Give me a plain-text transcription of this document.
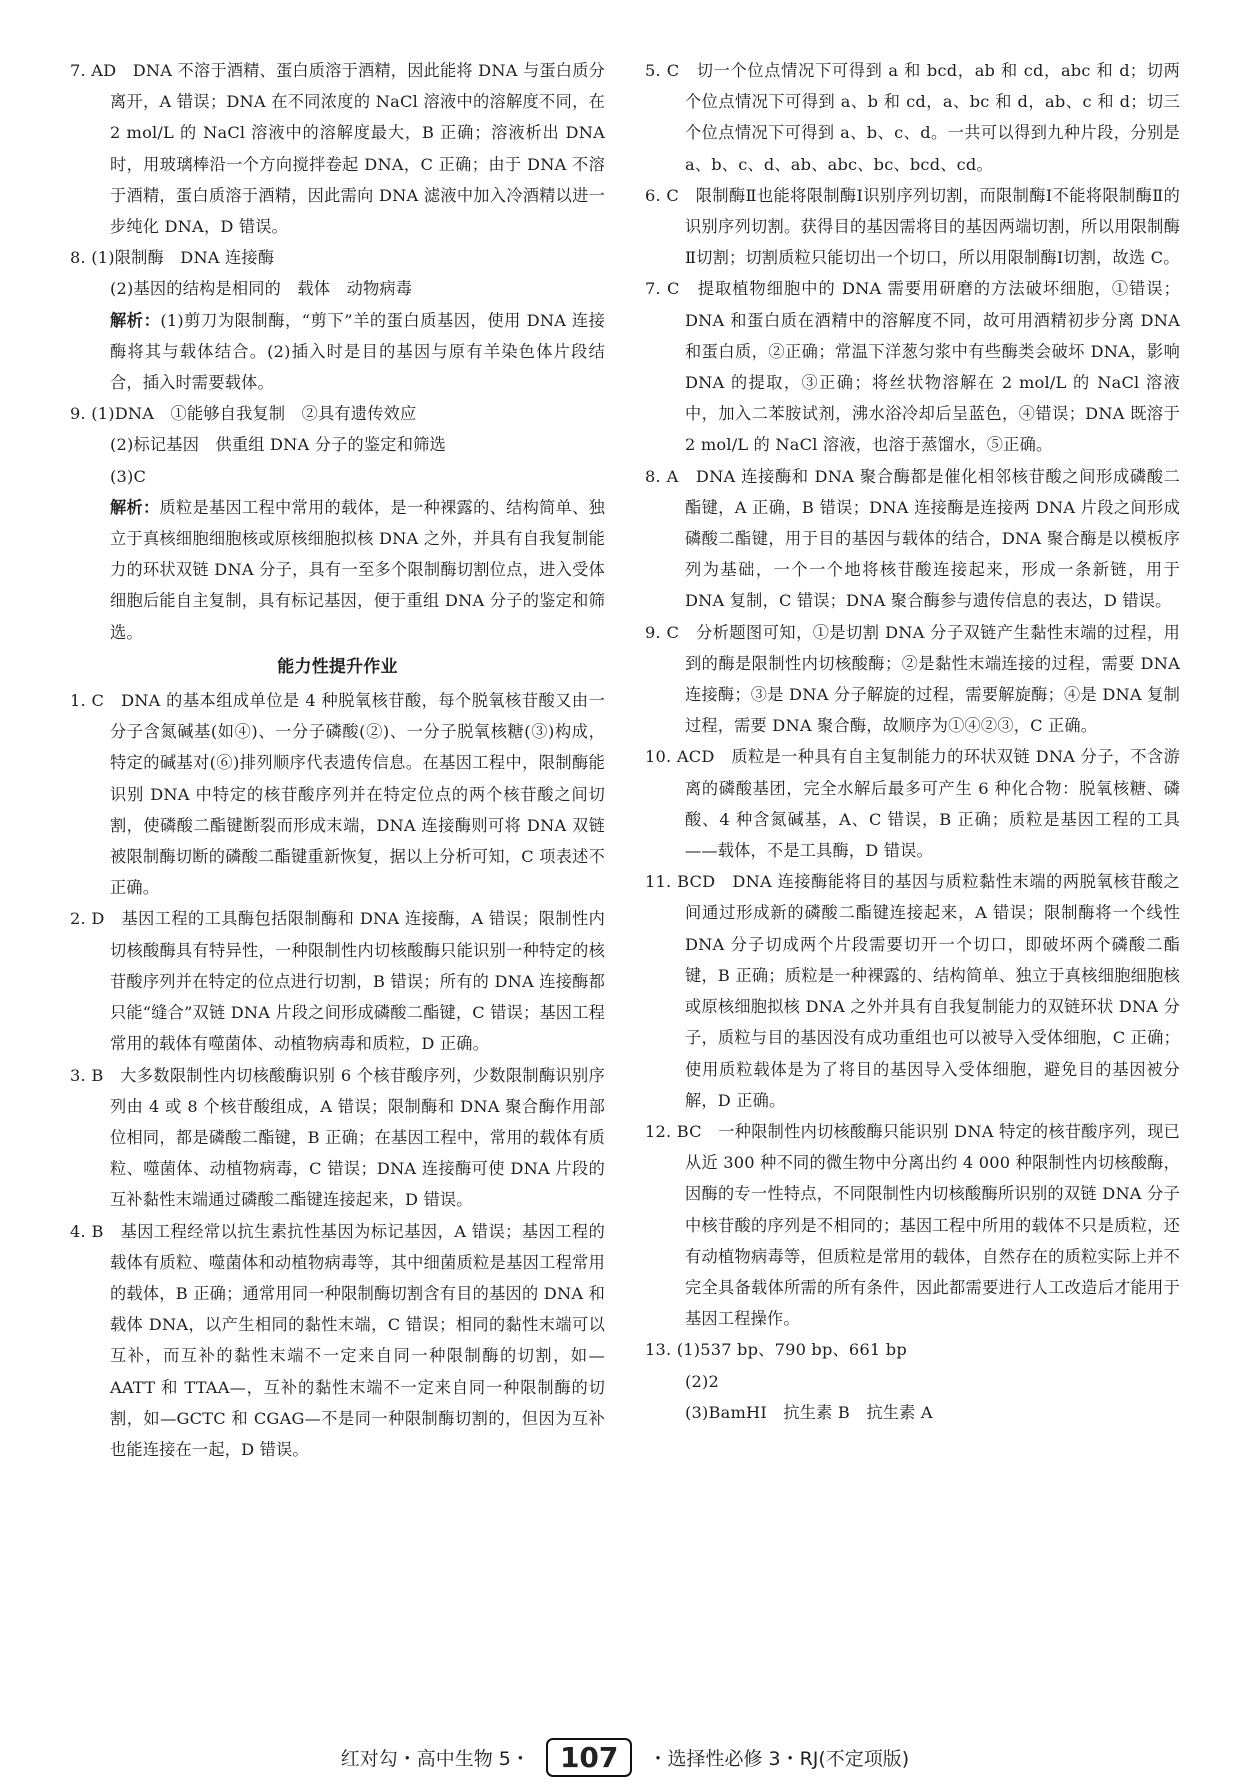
7. AD　DNA 不溶于酒精、蛋白质溶于酒精，因此能将 DNA 与蛋白质分离开，A 错误；DNA 在不同浓度的 NaCl 溶液中的溶解度不同，在 2 mol/L 的 NaCl 溶液中的溶解度最大，B 正确；溶液析出 DNA 时，用玻璃棒沿一个方向搅拌卷起 DNA，C 正确；由于 DNA 不溶于酒精，蛋白质溶于酒精，因此需向 DNA 滤液中加入冷酒精以进一步纯化 DNA，D 错误。

8. (1)限制酶　DNA 连接酶

(2)基因的结构是相同的　载体　动物病毒

解析：(1)剪刀为限制酶，“剪下”羊的蛋白质基因，使用 DNA 连接酶将其与载体结合。(2)插入时是目的基因与原有羊染色体片段结合，插入时需要载体。

9. (1)DNA　①能够自我复制　②具有遗传效应

(2)标记基因　供重组 DNA 分子的鉴定和筛选

(3)C

解析：质粒是基因工程中常用的载体，是一种裸露的、结构简单、独立于真核细胞细胞核或原核细胞拟核 DNA 之外，并具有自我复制能力的环状双链 DNA 分子，具有一至多个限制酶切割位点，进入受体细胞后能自主复制，具有标记基因，便于重组 DNA 分子的鉴定和筛选。

能力性提升作业

1. C　DNA 的基本组成单位是 4 种脱氧核苷酸，每个脱氧核苷酸又由一分子含氮碱基(如④)、一分子磷酸(②)、一分子脱氧核糖(③)构成，特定的碱基对(⑥)排列顺序代表遗传信息。在基因工程中，限制酶能识别 DNA 中特定的核苷酸序列并在特定位点的两个核苷酸之间切割，使磷酸二酯键断裂而形成末端，DNA 连接酶则可将 DNA 双链被限制酶切断的磷酸二酯键重新恢复，据以上分析可知，C 项表述不正确。

2. D　基因工程的工具酶包括限制酶和 DNA 连接酶，A 错误；限制性内切核酸酶具有特异性，一种限制性内切核酸酶只能识别一种特定的核苷酸序列并在特定的位点进行切割，B 错误；所有的 DNA 连接酶都只能“缝合”双链 DNA 片段之间形成磷酸二酯键，C 错误；基因工程常用的载体有噬菌体、动植物病毒和质粒，D 正确。

3. B　大多数限制性内切核酸酶识别 6 个核苷酸序列，少数限制酶识别序列由 4 或 8 个核苷酸组成，A 错误；限制酶和 DNA 聚合酶作用部位相同，都是磷酸二酯键，B 正确；在基因工程中，常用的载体有质粒、噬菌体、动植物病毒，C 错误；DNA 连接酶可使 DNA 片段的互补黏性末端通过磷酸二酯键连接起来，D 错误。

4. B　基因工程经常以抗生素抗性基因为标记基因，A 错误；基因工程的载体有质粒、噬菌体和动植物病毒等，其中细菌质粒是基因工程常用的载体，B 正确；通常用同一种限制酶切割含有目的基因的 DNA 和载体 DNA，以产生相同的黏性末端，C 错误；相同的黏性末端可以互补，而互补的黏性末端不一定来自同一种限制酶的切割，如—AATT 和 TTAA—，互补的黏性末端不一定来自同一种限制酶的切割，如—GCTC 和 CGAG—不是同一种限制酶切割的，但因为互补也能连接在一起，D 错误。

5. C　切一个位点情况下可得到 a 和 bcd，ab 和 cd，abc 和 d；切两个位点情况下可得到 a、b 和 cd，a、bc 和 d，ab、c 和 d；切三个位点情况下可得到 a、b、c、d。一共可以得到九种片段，分别是 a、b、c、d、ab、abc、bc、bcd、cd。

6. C　限制酶Ⅱ也能将限制酶Ⅰ识别序列切割，而限制酶Ⅰ不能将限制酶Ⅱ的识别序列切割。获得目的基因需将目的基因两端切割，所以用限制酶Ⅱ切割；切割质粒只能切出一个切口，所以用限制酶Ⅰ切割，故选 C。

7. C　提取植物细胞中的 DNA 需要用研磨的方法破坏细胞，①错误；DNA 和蛋白质在酒精中的溶解度不同，故可用酒精初步分离 DNA 和蛋白质，②正确；常温下洋葱匀浆中有些酶类会破坏 DNA，影响 DNA 的提取，③正确；将丝状物溶解在 2 mol/L 的 NaCl 溶液中，加入二苯胺试剂，沸水浴冷却后呈蓝色，④错误；DNA 既溶于 2 mol/L 的 NaCl 溶液，也溶于蒸馏水，⑤正确。

8. A　DNA 连接酶和 DNA 聚合酶都是催化相邻核苷酸之间形成磷酸二酯键，A 正确，B 错误；DNA 连接酶是连接两 DNA 片段之间形成磷酸二酯键，用于目的基因与载体的结合，DNA 聚合酶是以模板序列为基础，一个一个地将核苷酸连接起来，形成一条新链，用于 DNA 复制，C 错误；DNA 聚合酶参与遗传信息的表达，D 错误。

9. C　分析题图可知，①是切割 DNA 分子双链产生黏性末端的过程，用到的酶是限制性内切核酸酶；②是黏性末端连接的过程，需要 DNA 连接酶；③是 DNA 分子解旋的过程，需要解旋酶；④是 DNA 复制过程，需要 DNA 聚合酶，故顺序为①④②③，C 正确。

10. ACD　质粒是一种具有自主复制能力的环状双链 DNA 分子，不含游离的磷酸基团，完全水解后最多可产生 6 种化合物：脱氧核糖、磷酸、4 种含氮碱基，A、C 错误，B 正确；质粒是基因工程的工具——载体，不是工具酶，D 错误。

11. BCD　DNA 连接酶能将目的基因与质粒黏性末端的两脱氧核苷酸之间通过形成新的磷酸二酯键连接起来，A 错误；限制酶将一个线性 DNA 分子切成两个片段需要切开一个切口，即破坏两个磷酸二酯键，B 正确；质粒是一种裸露的、结构简单、独立于真核细胞细胞核或原核细胞拟核 DNA 之外并具有自我复制能力的双链环状 DNA 分子，质粒与目的基因没有成功重组也可以被导入受体细胞，C 正确；使用质粒载体是为了将目的基因导入受体细胞，避免目的基因被分解，D 正确。

12. BC　一种限制性内切核酸酶只能识别 DNA 特定的核苷酸序列，现已从近 300 种不同的微生物中分离出约 4 000 种限制性内切核酸酶，因酶的专一性特点，不同限制性内切核酸酶所识别的双链 DNA 分子中核苷酸的序列是不相同的；基因工程中所用的载体不只是质粒，还有动植物病毒等，但质粒是常用的载体，自然存在的质粒实际上并不完全具备载体所需的所有条件，因此都需要进行人工改造后才能用于基因工程操作。

13. (1)537 bp、790 bp、661 bp

(2)2

(3)BamHⅠ　抗生素 B　抗生素 A

红对勾・高中生物 5・ 107 ・选择性必修 3・RJ(不定项版)
